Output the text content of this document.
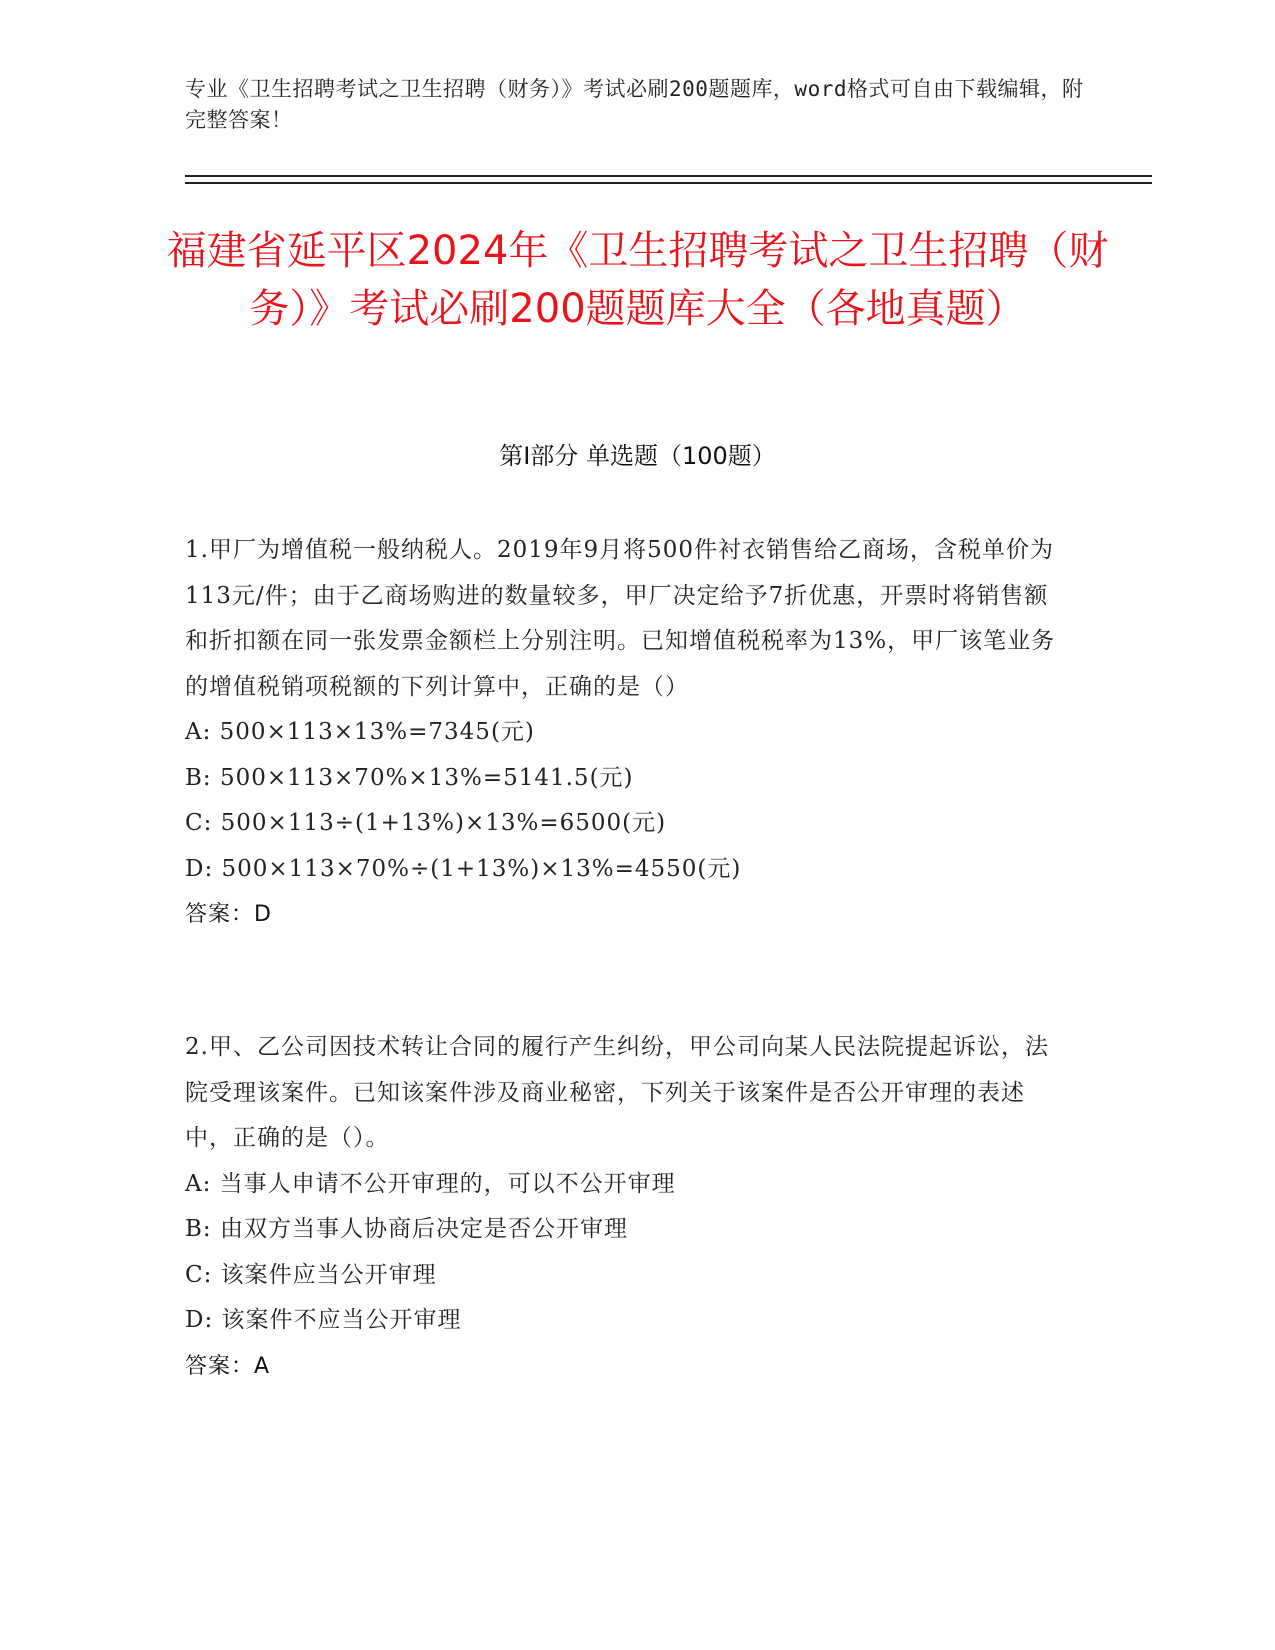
专业《卫生招聘考试之卫生招聘（财务）》考试必刷200题题库，word格式可自由下载编辑，附完整答案！
福建省延平区2024年《卫生招聘考试之卫生招聘（财务）》考试必刷200题题库大全（各地真题）
第Ⅰ部分 单选题（100题）

1.甲厂为增值税一般纳税人。2019年9月将500件衬衣销售给乙商场，含税单价为113元/件；由于乙商场购进的数量较多，甲厂决定给予7折优惠，开票时将销售额和折扣额在同一张发票金额栏上分别注明。已知增值税税率为13%，甲厂该笔业务的增值税销项税额的下列计算中，正确的是（）

A: 500×113×13%=7345(元)

B: 500×113×70%×13%=5141.5(元)

C: 500×113÷(1+13%)×13%=6500(元)

D: 500×113×70%÷(1+13%)×13%=4550(元)

答案：D

2.甲、乙公司因技术转让合同的履行产生纠纷，甲公司向某人民法院提起诉讼，法院受理该案件。已知该案件涉及商业秘密，下列关于该案件是否公开审理的表述中，正确的是（）。

A: 当事人申请不公开审理的，可以不公开审理

B: 由双方当事人协商后决定是否公开审理

C: 该案件应当公开审理

D: 该案件不应当公开审理

答案：A
